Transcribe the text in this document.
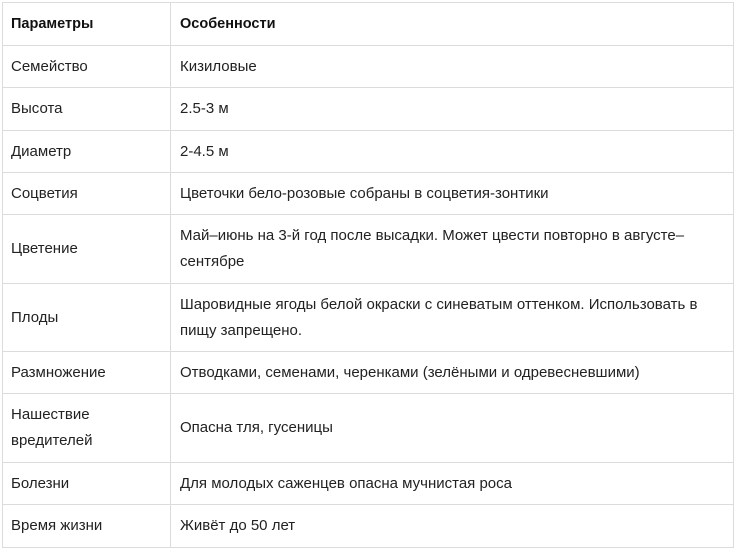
Параметры	Особенности
Семейство	Кизиловые
Высота	2.5-3 м
Диаметр	2-4.5 м
Соцветия	Цветочки бело-розовые собраны в соцветия-зонтики
Цветение	Май–июнь на 3-й год после высадки. Может цвести повторно в августе–сентябре
Плоды	Шаровидные ягоды белой окраски с синеватым оттенком. Использовать в пищу запрещено.
Размножение	Отводками, семенами, черенками (зелёными и одревесневшими)
Нашествие вредителей	Опасна тля, гусеницы
Болезни	Для молодых саженцев опасна мучнистая роса
Время жизни	Живёт до 50 лет
